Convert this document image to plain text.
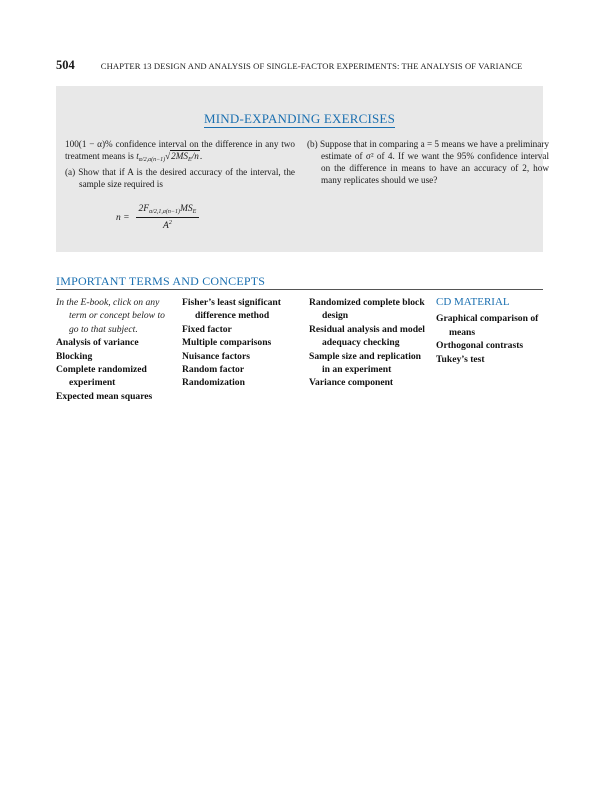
504	CHAPTER 13 DESIGN AND ANALYSIS OF SINGLE-FACTOR EXPERIMENTS: THE ANALYSIS OF VARIANCE
MIND-EXPANDING EXERCISES
100(1 − α)% confidence interval on the difference in any two treatment means is $t_{\alpha/2,a(n-1)}√2MS_E/n$.
(a) Show that if A is the desired accuracy of the interval, the sample size required is
$n = \frac{2F_{\alpha/2,1,a(n-1)}MS_E}{A^2}$
(b) Suppose that in comparing a = 5 means we have a preliminary estimate of σ² of 4. If we want the 95% confidence interval on the difference in means to have an accuracy of 2, how many replicates should we use?
IMPORTANT TERMS AND CONCEPTS
In the E-book, click on any term or concept below to go to that subject.
Analysis of variance
Blocking
Complete randomized experiment
Expected mean squares
Fisher’s least significant difference method
Fixed factor
Multiple comparisons
Nuisance factors
Random factor
Randomization
Randomized complete block design
Residual analysis and model adequacy checking
Sample size and replication in an experiment
Variance component
CD MATERIAL
Graphical comparison of means
Orthogonal contrasts
Tukey’s test
